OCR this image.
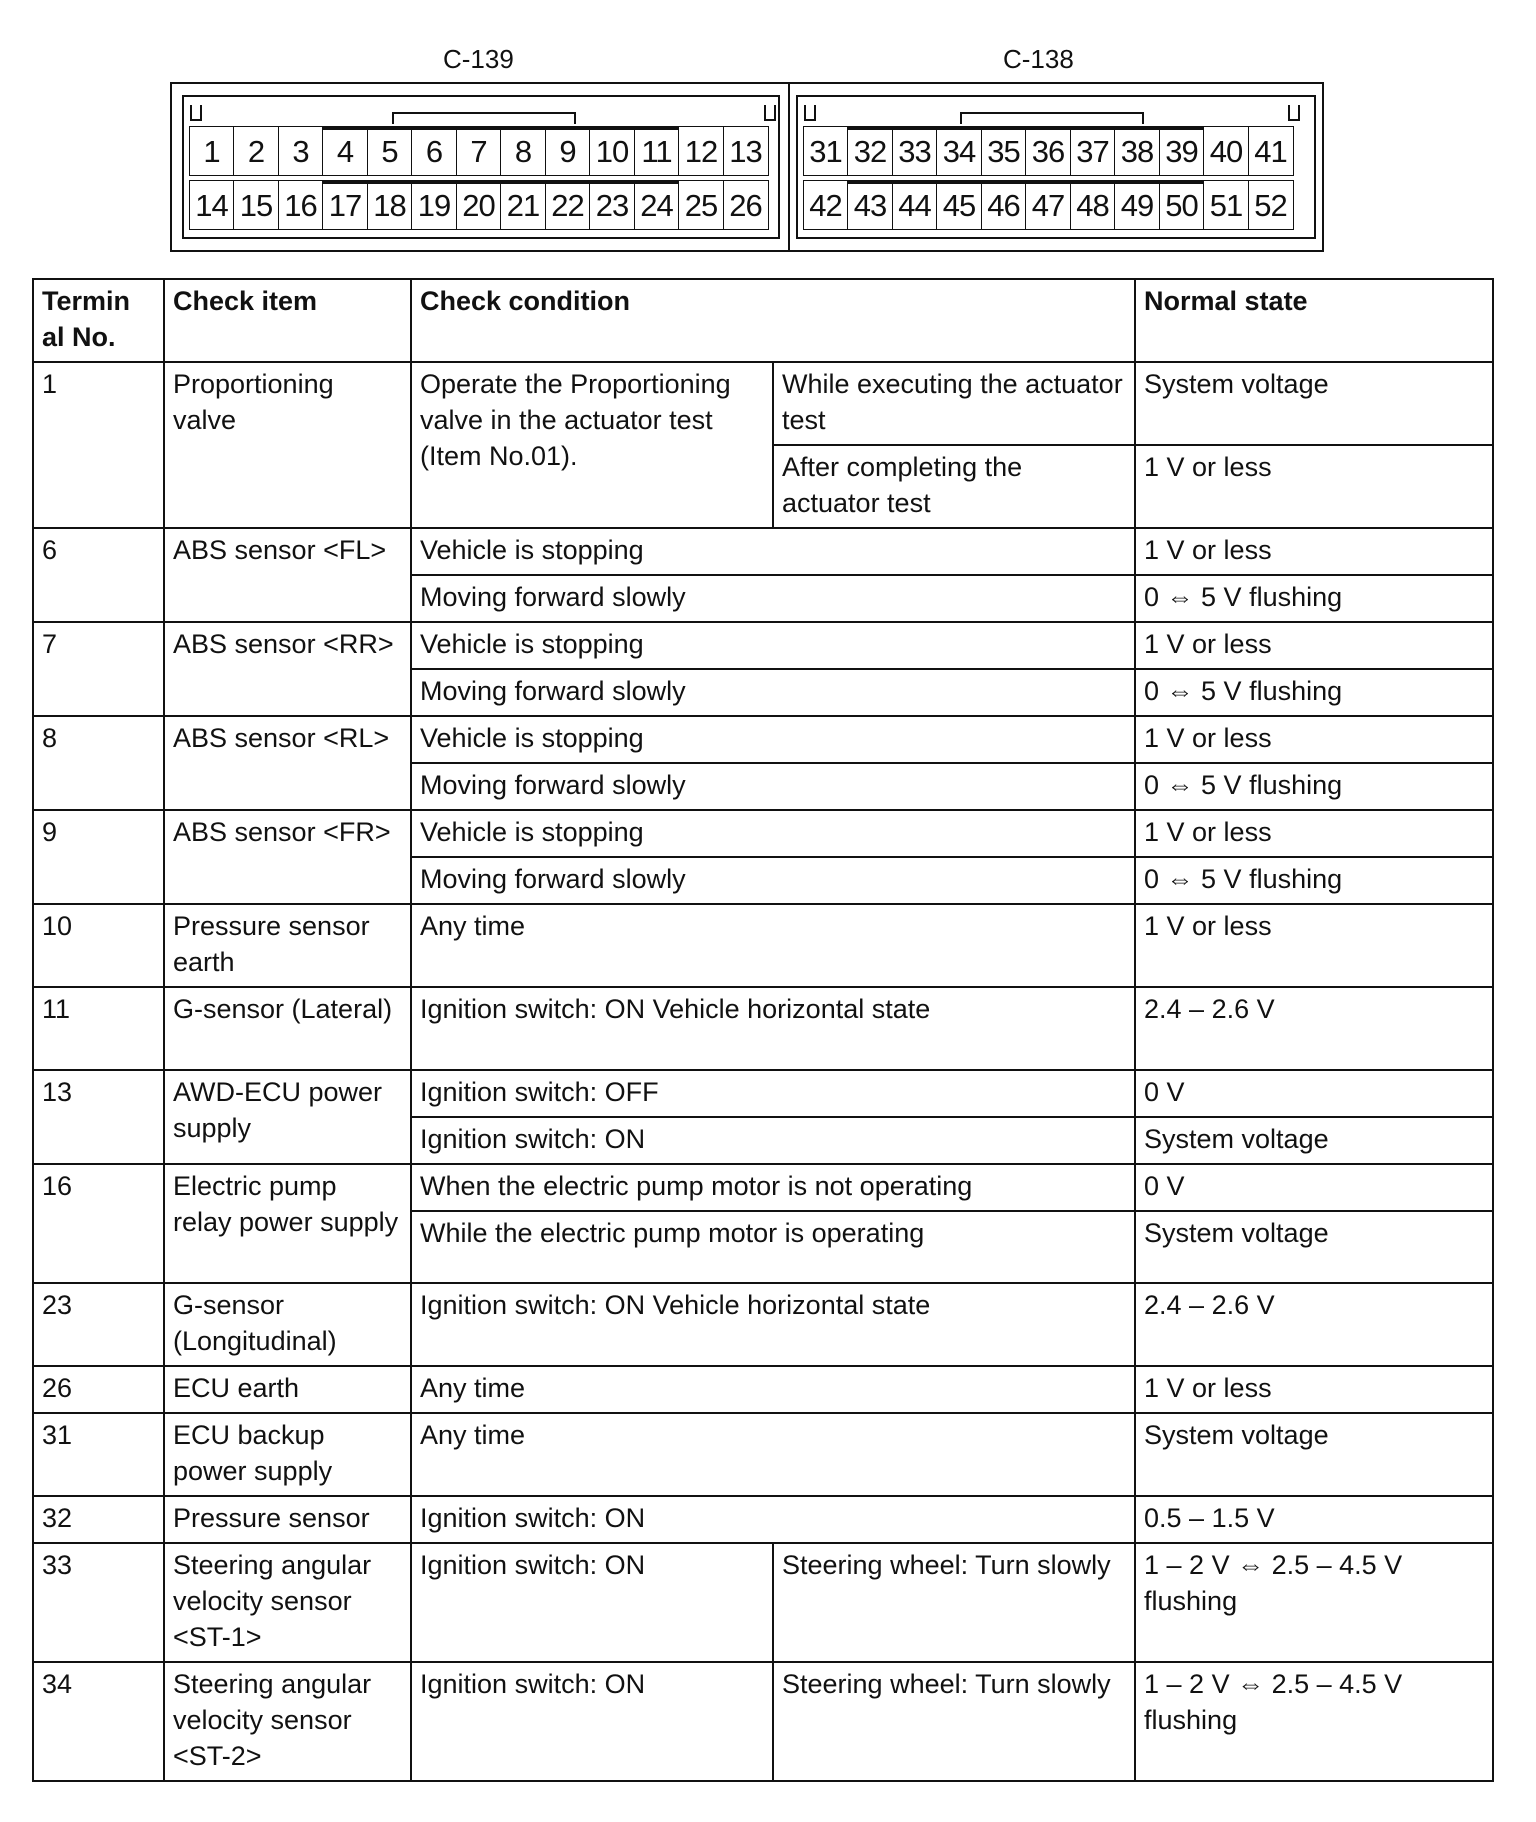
C-139
1 2 3 4 5 6 7 8 9 10 11 12 13
14 15 16 17 18 19 20 21 22 23 24 25 26
C-138
31 32 33 34 35 36 37 38 39 40 41
42 43 44 45 46 47 48 49 50 51 52
Termin al No.	Check item	Check condition		Normal state
1	Proportioning valve	Operate the Proportioning valve in the actuator test (Item No.01).	While executing the actuator test	System voltage
			After completing the actuator test	1 V or less
6	ABS sensor <FL>	Vehicle is stopping		1 V or less
		Moving forward slowly		0 ⇔ 5 V flushing
7	ABS sensor <RR>	Vehicle is stopping		1 V or less
		Moving forward slowly		0 ⇔ 5 V flushing
8	ABS sensor <RL>	Vehicle is stopping		1 V or less
		Moving forward slowly		0 ⇔ 5 V flushing
9	ABS sensor <FR>	Vehicle is stopping		1 V or less
		Moving forward slowly		0 ⇔ 5 V flushing
10	Pressure sensor earth	Any time		1 V or less
11	G-sensor (Lateral)	Ignition switch: ON Vehicle horizontal state		2.4 – 2.6 V
13	AWD-ECU power supply	Ignition switch: OFF		0 V
		Ignition switch: ON		System voltage
16	Electric pump relay power supply	When the electric pump motor is not operating		0 V
		While the electric pump motor is operating		System voltage
23	G-sensor (Longitudinal)	Ignition switch: ON Vehicle horizontal state		2.4 – 2.6 V
26	ECU earth	Any time		1 V or less
31	ECU backup power supply	Any time		System voltage
32	Pressure sensor	Ignition switch: ON		0.5 – 1.5 V
33	Steering angular velocity sensor <ST-1>	Ignition switch: ON	Steering wheel: Turn slowly	1 – 2 V ⇔ 2.5 – 4.5 V flushing
34	Steering angular velocity sensor <ST-2>	Ignition switch: ON	Steering wheel: Turn slowly	1 – 2 V ⇔ 2.5 – 4.5 V flushing
